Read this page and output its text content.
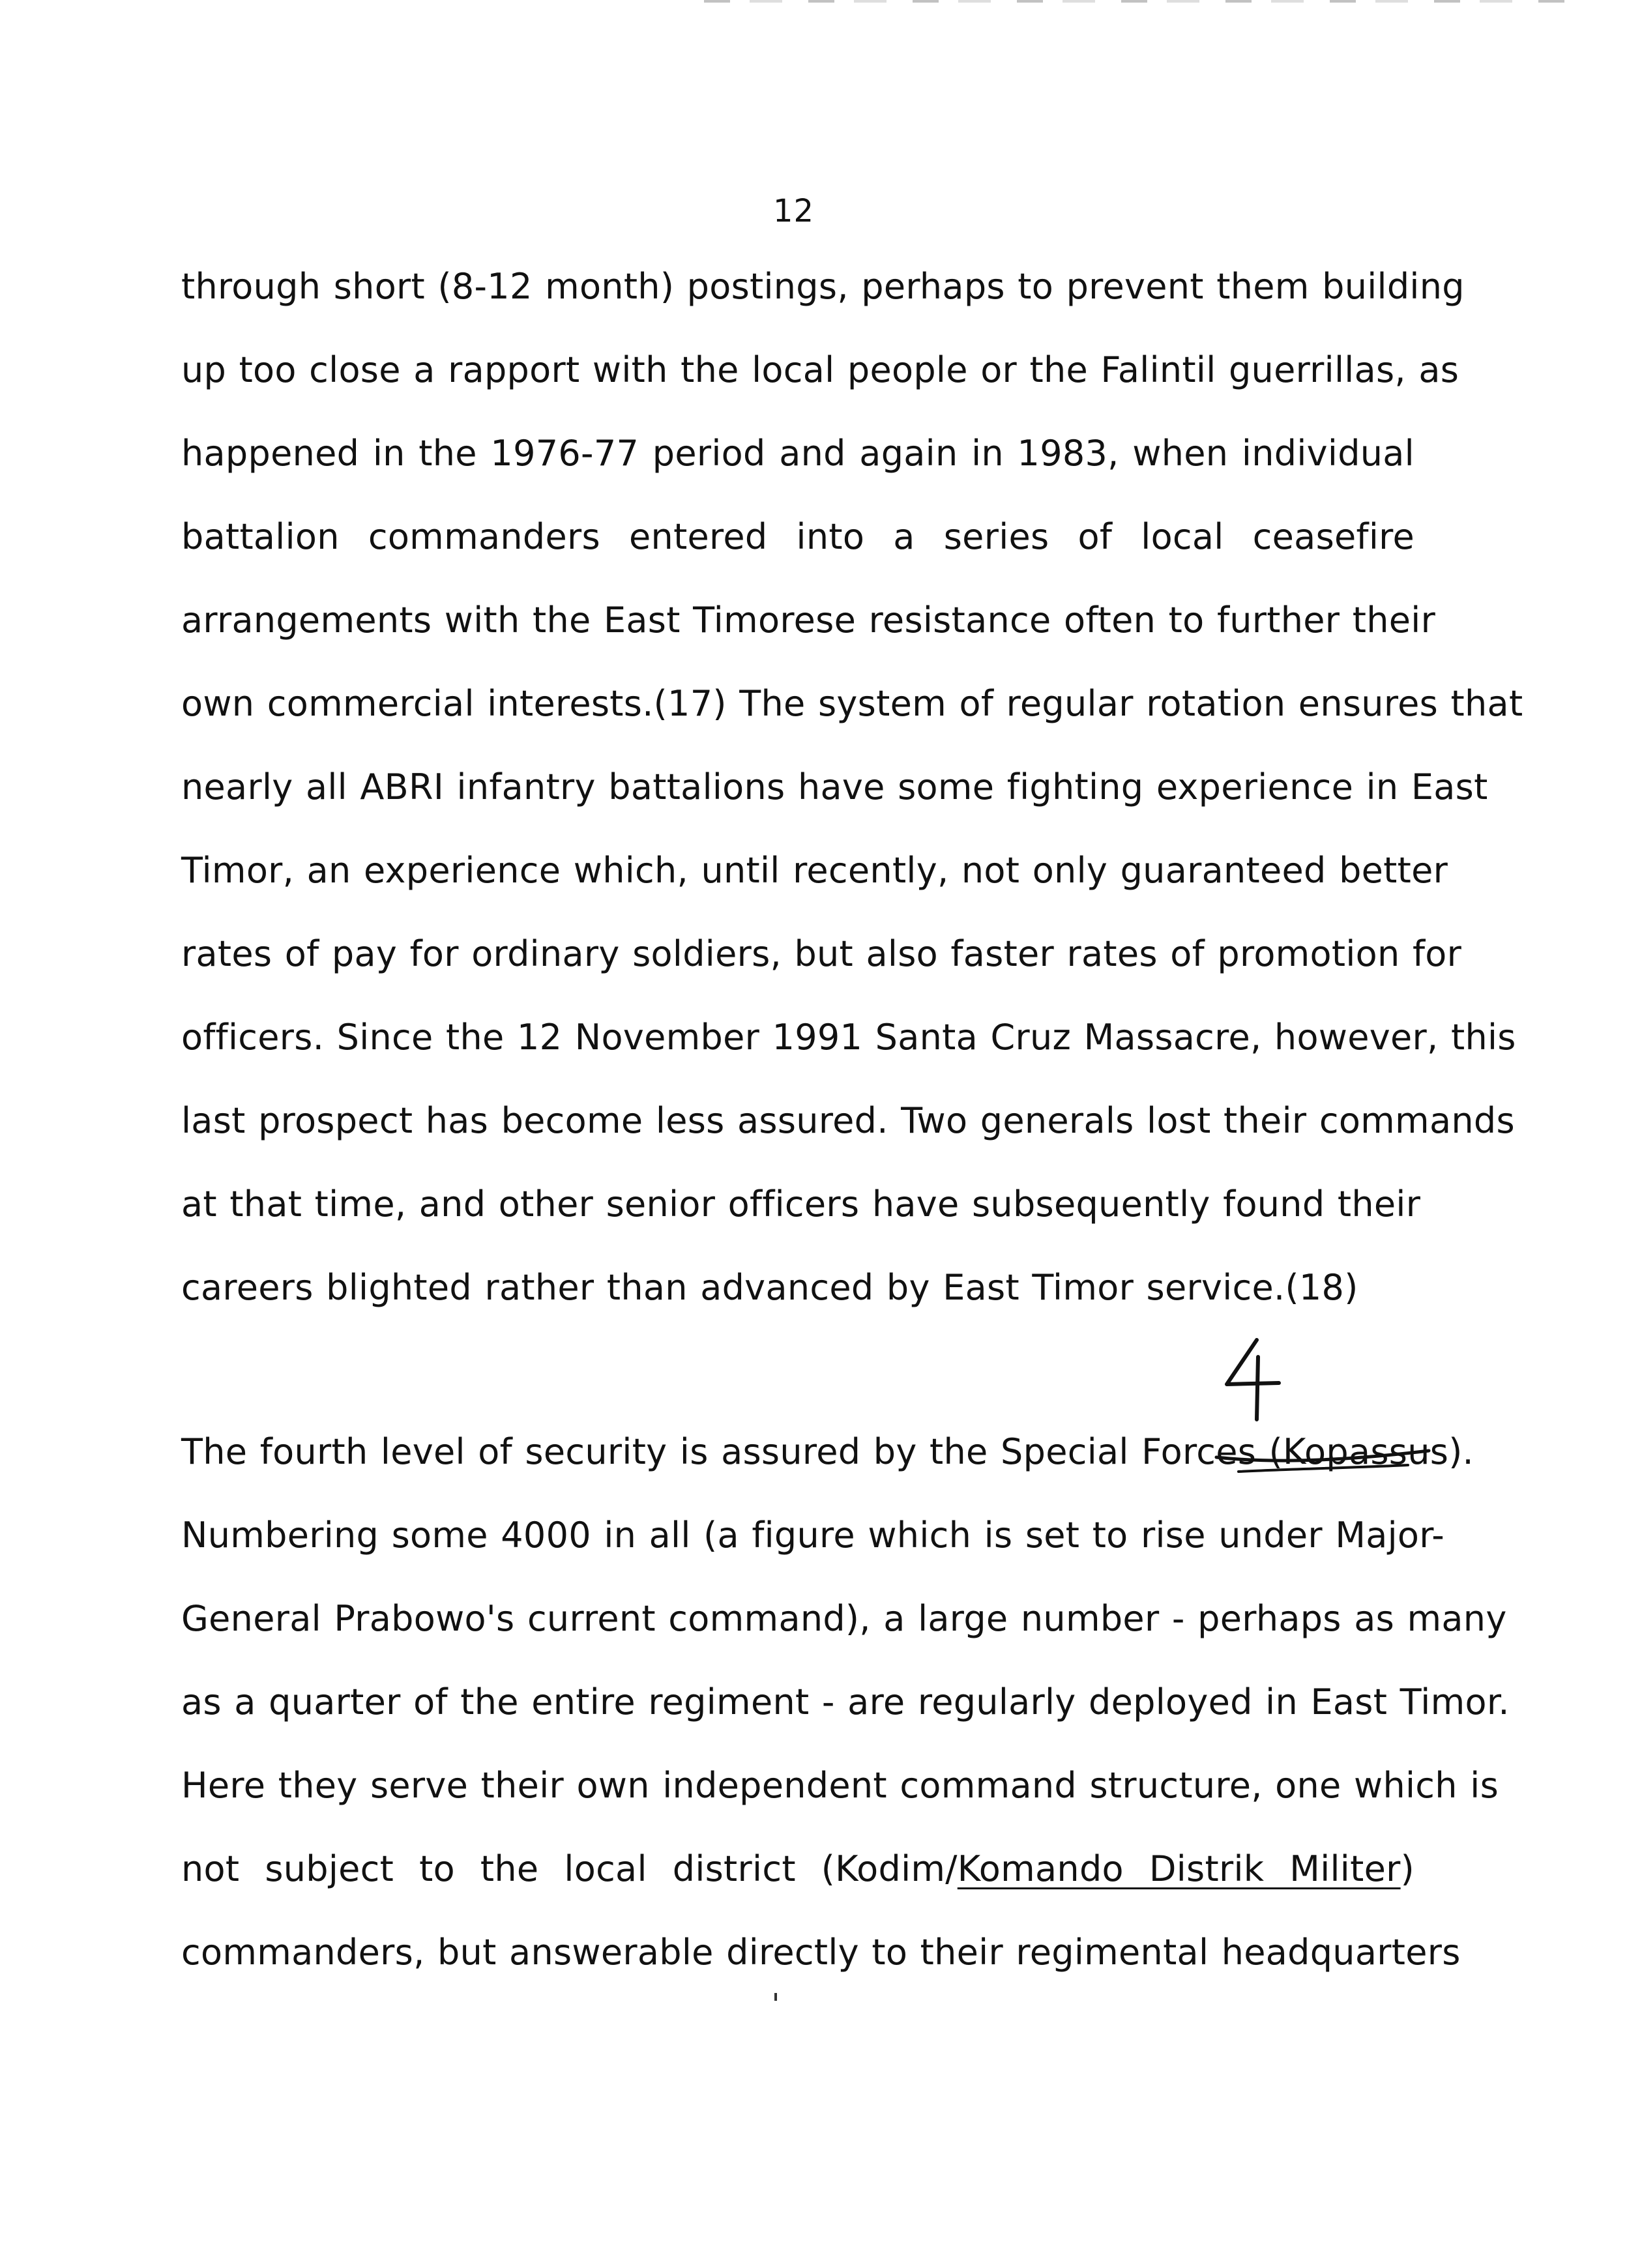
12
through short (8-12 month) postings, perhaps to prevent them building
up too close a rapport with the local people or the Falintil guerrillas, as
happened in the 1976-77 period and again in 1983, when individual
battalion commanders entered into a series of local ceasefire
arrangements with the East Timorese resistance often to further their
own commercial interests.(17) The system of regular rotation ensures that
nearly all ABRI infantry battalions have some fighting experience in East
Timor, an experience which, until recently, not only guaranteed better
rates of pay for ordinary soldiers, but also faster rates of promotion for
officers. Since the 12 November 1991 Santa Cruz Massacre, however, this
last prospect has become less assured. Two generals lost their commands
at that time, and other senior officers have subsequently found their
careers blighted rather than advanced by East Timor service.(18)
The fourth level of security is assured by the Special Forces (Kopassus).
Numbering some 4000 in all (a figure which is set to rise under Major-
General Prabowo's current command), a large number - perhaps as many
as a quarter of the entire regiment - are regularly deployed in East Timor.
Here they serve their own independent command structure, one which is
not subject to the local district (Kodim/Komando Distrik Militer)
commanders, but answerable directly to their regimental headquarters
